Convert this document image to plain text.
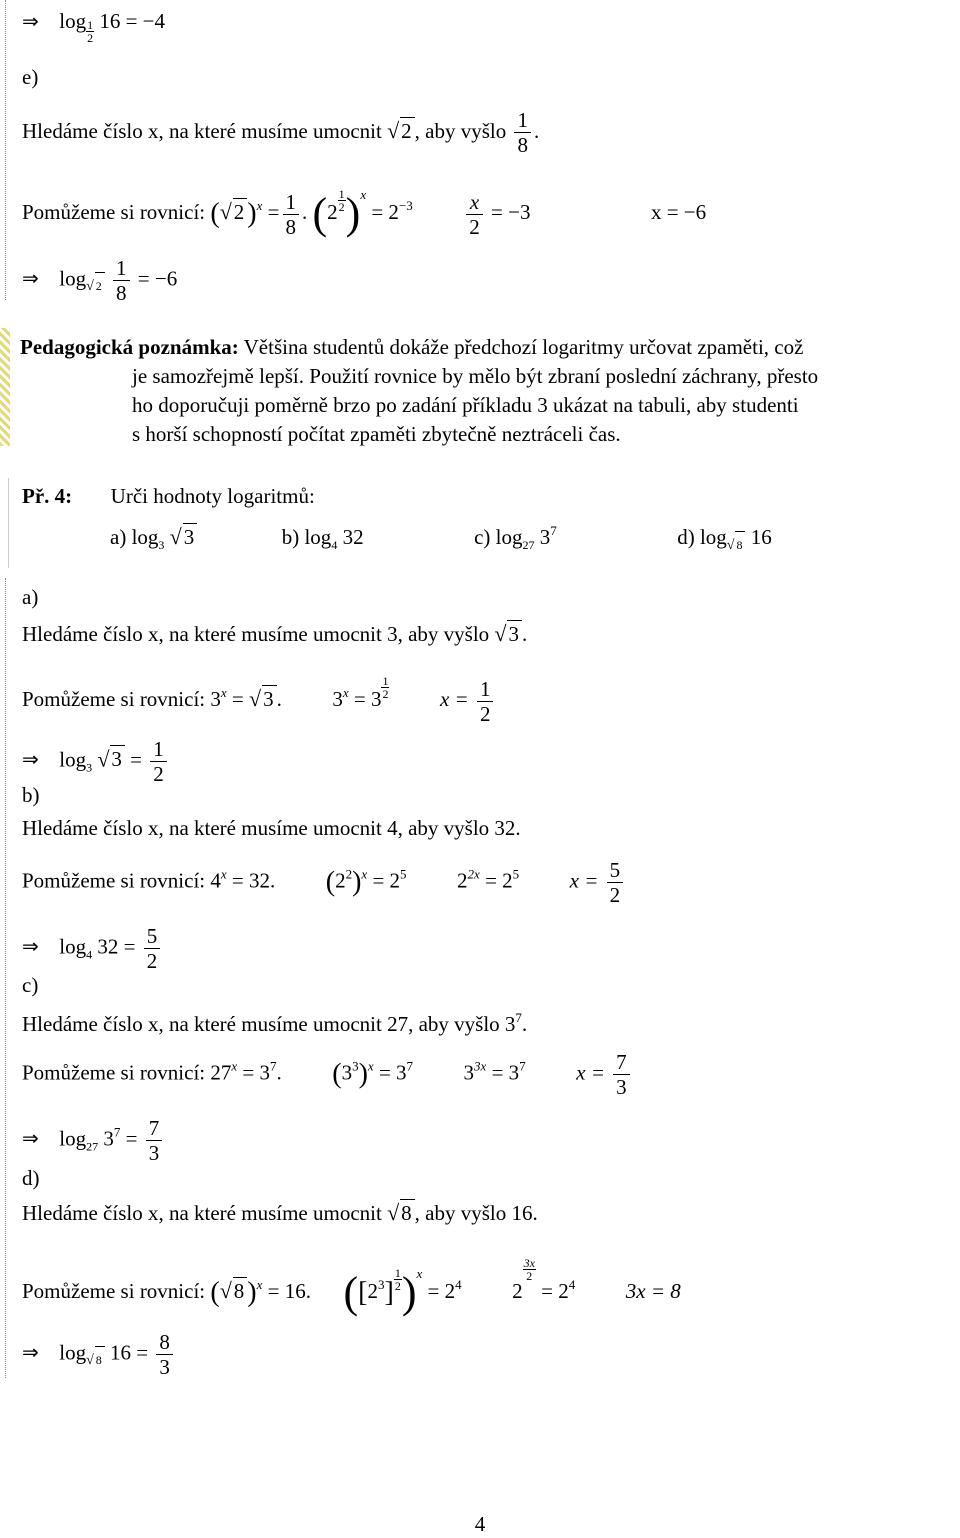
⇒ log $_{\frac{1}{2}}$ 16 = −4
e)
Hledáme číslo x, na které musíme umocnit √2 , aby vyšlo $\frac{1}{8}$ .
Pomůžeme si rovnicí: (√2 )$^x = \frac{1}{8}$ . $(2 \frac{1}{2} )^x = 2^{-3}$	$\frac{x}{2} = -3$	x = −6
⇒ $\log_{√ 2} \frac{1}{8} = -6$
Pedagogická poznámka: Většina studentů dokáže předchozí logaritmy určovat zpaměti, což
je samozřejmě lepší. Použití rovnice by mělo být zbraní poslední záchrany, přesto
ho doporučuji poměrně brzo po zadání příkladu 3 ukázat na tabuli, aby studenti
s horší schopností počítat zpaměti zbytečně neztráceli čas.
Př. 4: Urči hodnoty logaritmů:
a) $\log_3 √3$	b) $\log_4 32$	c) $\log_{27} 3^7$	d) $\log_{√ 8} 16$
a)
Hledáme číslo x, na které musíme umocnit 3, aby vyšlo √3 .
Pomůžeme si rovnicí: $3^x = √3$ .  $3^x = 3 \frac{1}{2}$ $x = \frac{1}{2}$
⇒ $\log_3 √3 = \frac{1}{2}$
b)
Hledáme číslo x, na které musíme umocnit 4, aby vyšlo 32.
Pomůžeme si rovnicí: $4^x = 32$. $(2^2)^x = 2^5$ $2^{2x} = 2^5$ $x = \frac{5}{2}$
⇒ $\log_4 32 = \frac{5}{2}$
c)
Hledáme číslo x, na které musíme umocnit 27, aby vyšlo $3^7$.
Pomůžeme si rovnicí: $27^x = 3^7$.  $(3^3)^x = 3^7$ $3^{3x} = 3^7$ $x = \frac{7}{3}$
⇒ $\log_{27} 3^7 = \frac{7}{3}$
d)
Hledáme číslo x, na které musíme umocnit √8 , aby vyšlo 16.
Pomůžeme si rovnicí: (√8 )$^x$ = 16. $([2^3] \frac{1}{2} )^x = 2^4$ 2
$\frac{3x}{2}$
= $2^4$ 3x = 8
⇒ $\log_{√ 8} 16 = \frac{8}{3}$
4
